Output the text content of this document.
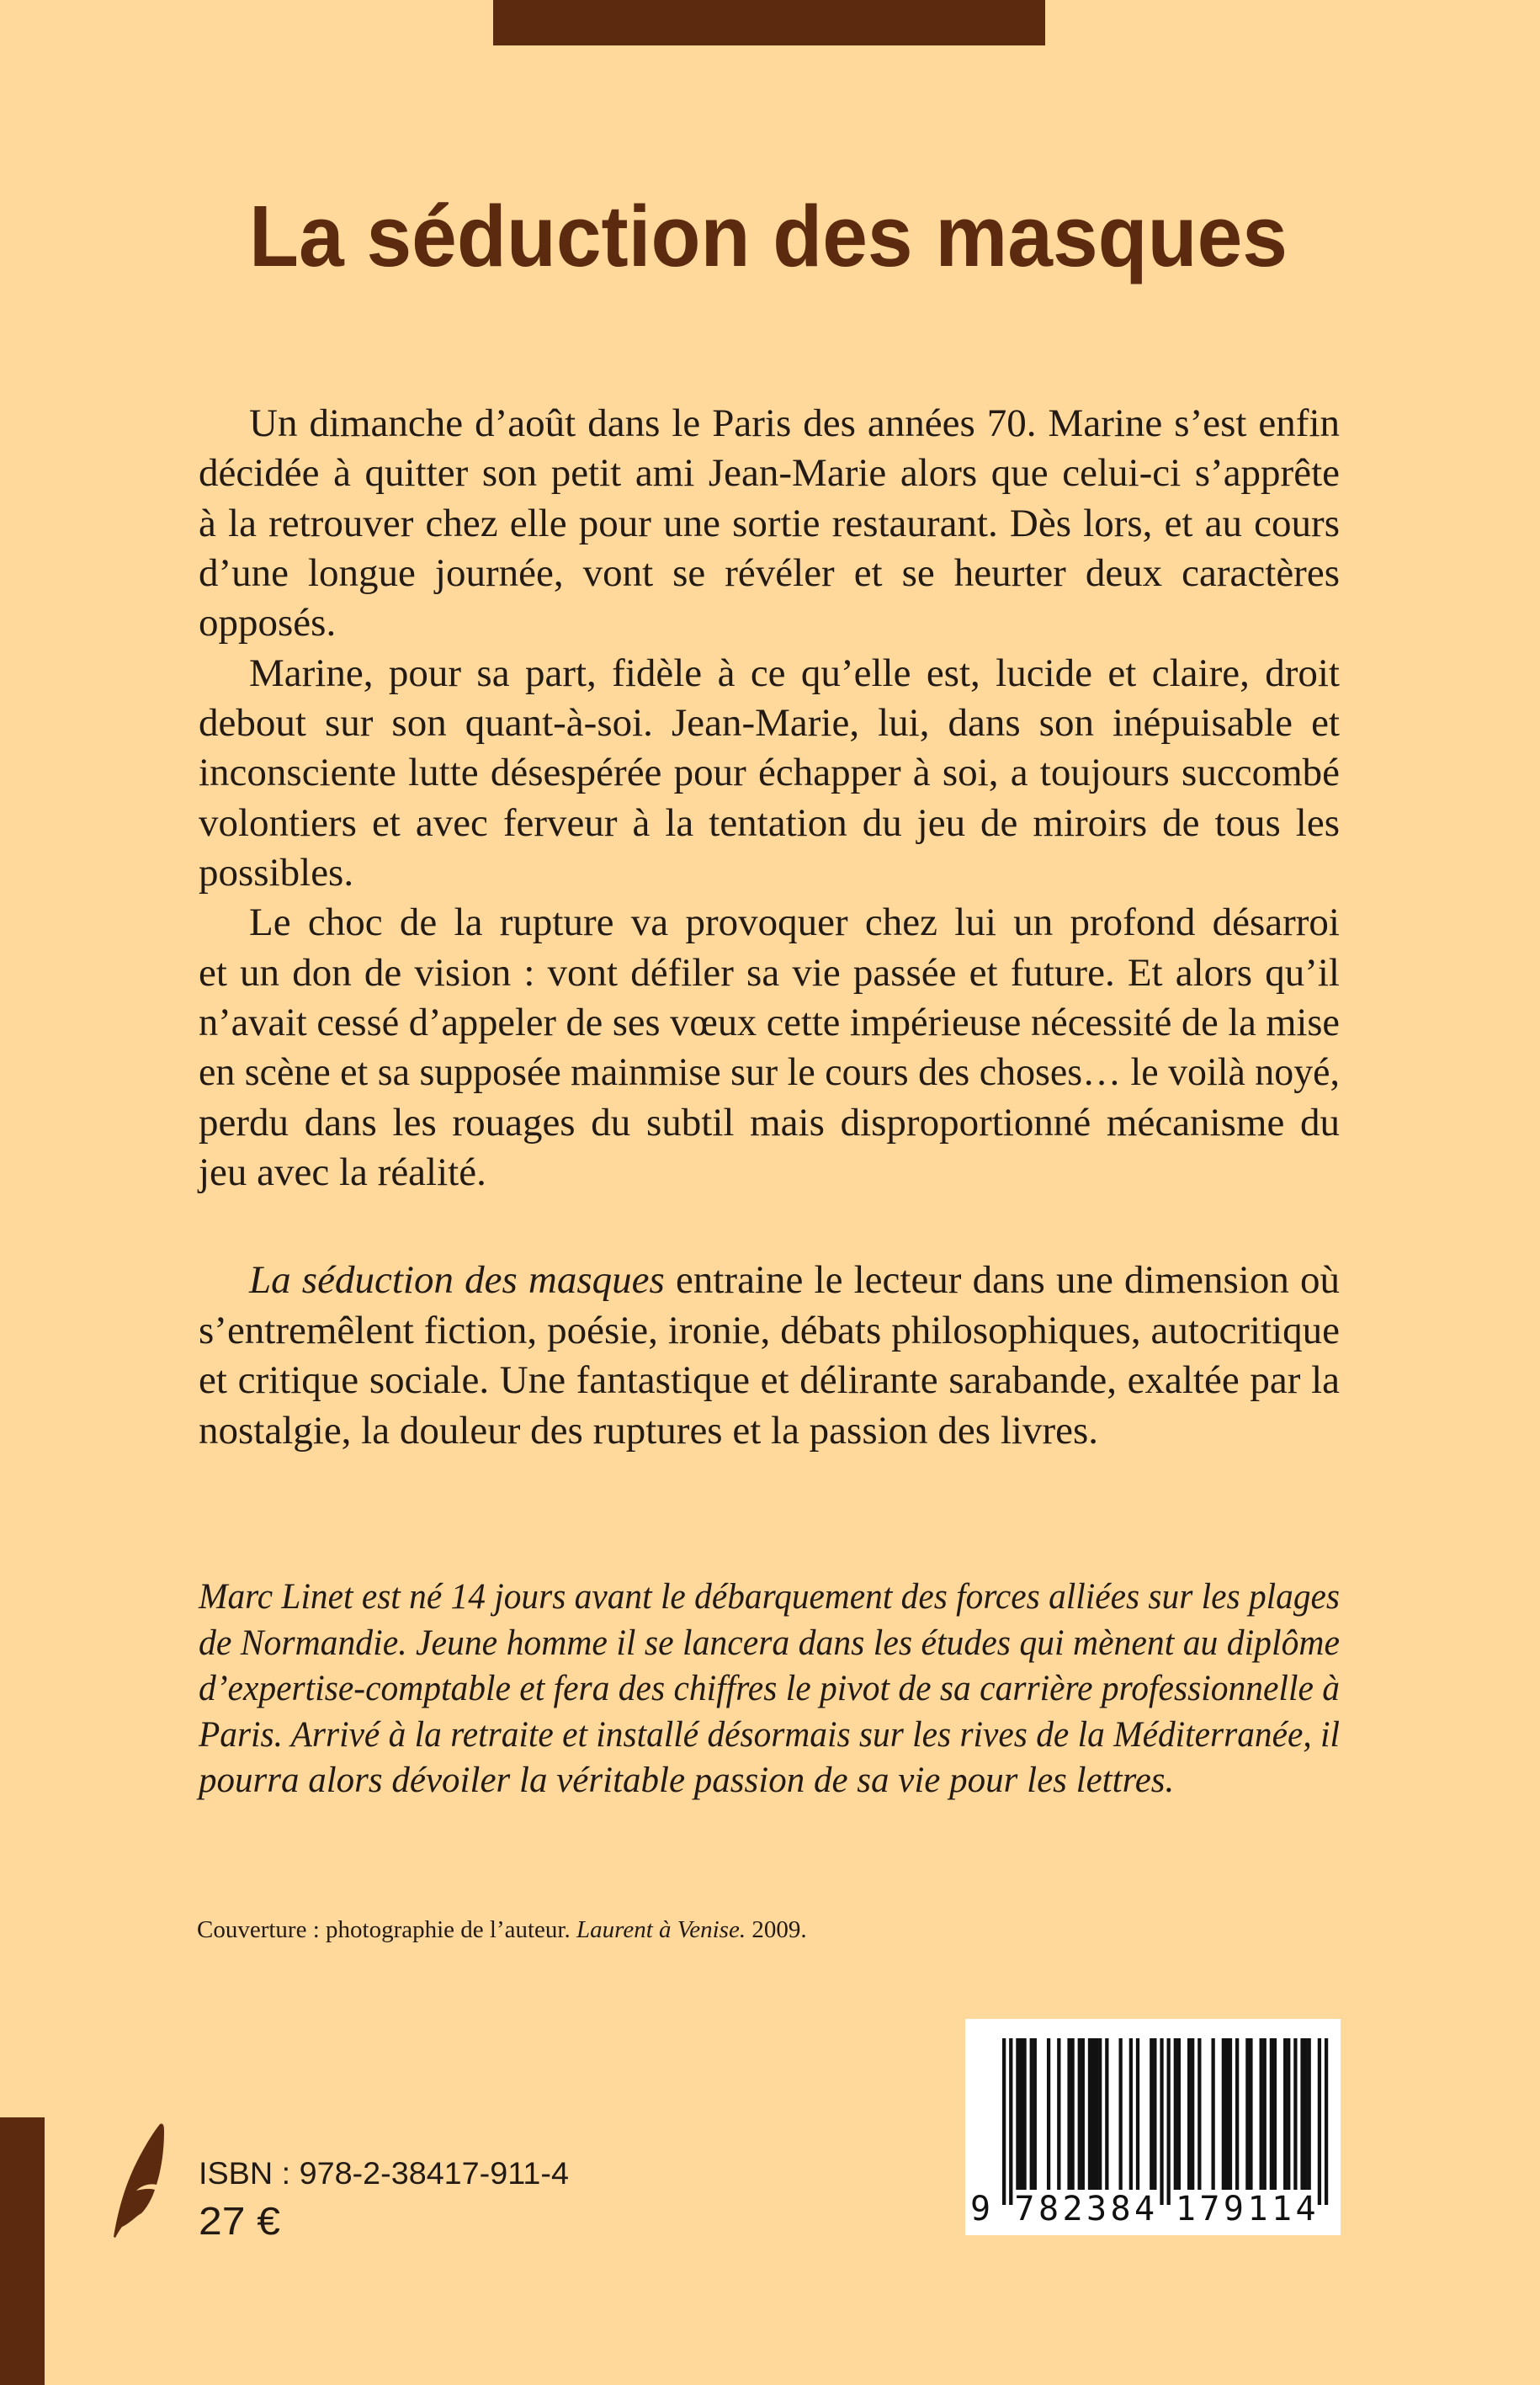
La séduction des masques
Un dimanche d’août dans le Paris des années 70. Marine s’est enfin
décidée à quitter son petit ami Jean-Marie alors que celui-ci s’apprête
à la retrouver chez elle pour une sortie restaurant. Dès lors, et au cours
d’une longue journée, vont se révéler et se heurter deux caractères
opposés.
Marine, pour sa part, fidèle à ce qu’elle est, lucide et claire, droit
debout sur son quant-à-soi. Jean-Marie, lui, dans son inépuisable et
inconsciente lutte désespérée pour échapper à soi, a toujours succombé
volontiers et avec ferveur à la tentation du jeu de miroirs de tous les
possibles.
Le choc de la rupture va provoquer chez lui un profond désarroi
et un don de vision : vont défiler sa vie passée et future. Et alors qu’il
n’avait cessé d’appeler de ses vœux cette impérieuse nécessité de la mise
en scène et sa supposée mainmise sur le cours des choses… le voilà noyé,
perdu dans les rouages du subtil mais disproportionné mécanisme du
jeu avec la réalité.
La séduction des masques entraine le lecteur dans une dimension où
s’entremêlent fiction, poésie, ironie, débats philosophiques, autocritique
et critique sociale. Une fantastique et délirante sarabande, exaltée par la
nostalgie, la douleur des ruptures et la passion des livres.
Marc Linet est né 14 jours avant le débarquement des forces alliées sur les plages
de Normandie. Jeune homme il se lancera dans les études qui mènent au diplôme
d’expertise-comptable et fera des chiffres le pivot de sa carrière professionnelle à
Paris. Arrivé à la retraite et installé désormais sur les rives de la Méditerranée, il
pourra alors dévoiler la véritable passion de sa vie pour les lettres.
Couverture : photographie de l’auteur. Laurent à Venise. 2009.
ISBN : 978-2-38417-911-4
27 €	9 7 8 2 3 8 4 1 7 9 1 1 4
